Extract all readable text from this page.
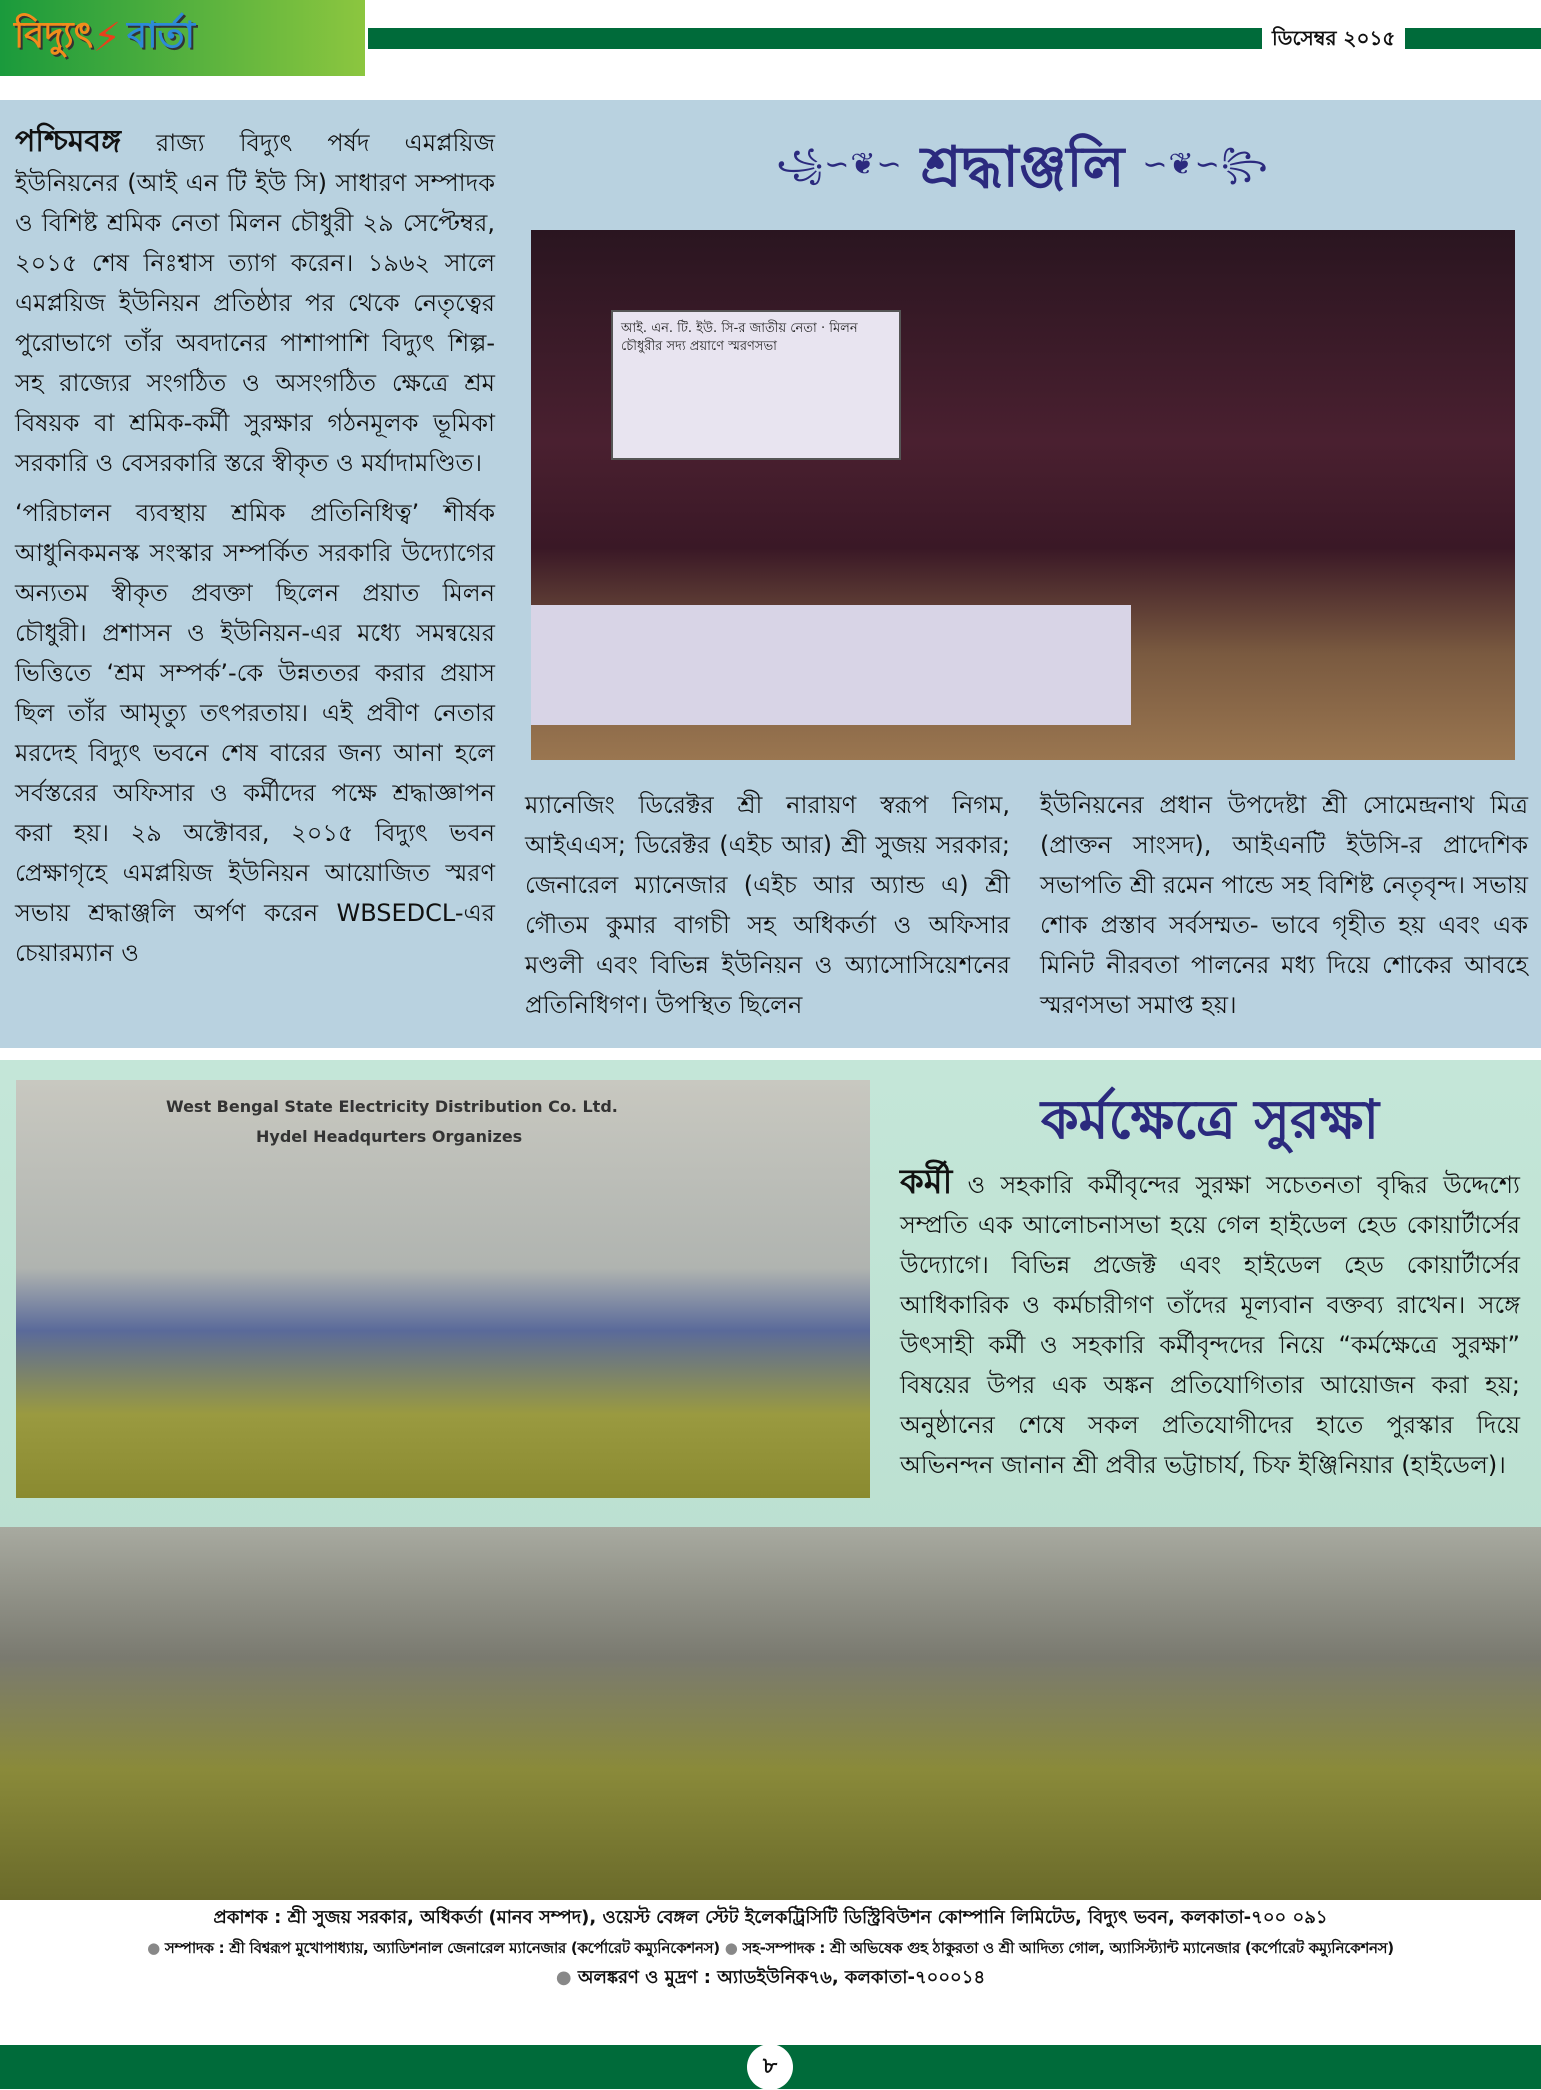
বিদ্যুৎ ⚡ বার্তা	ডিসেম্বর ২০১৫

পশ্চিমবঙ্গ রাজ্য বিদ্যুৎ পর্ষদ এমপ্লয়িজ ইউনিয়নের (আই এন টি ইউ সি) সাধারণ সম্পাদক ও বিশিষ্ট শ্রমিক নেতা মিলন চৌধুরী ২৯ সেপ্টেম্বর, ২০১৫ শেষ নিঃশ্বাস ত্যাগ করেন। ১৯৬২ সালে এমপ্লয়িজ ইউনিয়ন প্রতিষ্ঠার পর থেকে নেতৃত্বের পুরোভাগে তাঁর অবদানের পাশাপাশি বিদ্যুৎ শিল্প-সহ রাজ্যের সংগঠিত ও অসংগঠিত ক্ষেত্রে শ্রম বিষয়ক বা শ্রমিক-কর্মী সুরক্ষার গঠনমূলক ভূমিকা সরকারি ও বেসরকারি স্তরে স্বীকৃত ও মর্যাদামণ্ডিত।

‘পরিচালন ব্যবস্থায় শ্রমিক প্রতিনিধিত্ব’ শীর্ষক আধুনিকমনস্ক সংস্কার সম্পর্কিত সরকারি উদ্যোগের অন্যতম স্বীকৃত প্রবক্তা ছিলেন প্রয়াত মিলন চৌধুরী। প্রশাসন ও ইউনিয়ন-এর মধ্যে সমন্বয়ের ভিত্তিতে ‘শ্রম সম্পর্ক’-কে উন্নততর করার প্রয়াস ছিল তাঁর আমৃত্যু তৎপরতায়। এই প্রবীণ নেতার মরদেহ বিদ্যুৎ ভবনে শেষ বারের জন্য আনা হলে সর্বস্তরের অফিসার ও কর্মীদের পক্ষে শ্রদ্ধাজ্ঞাপন করা হয়। ২৯ অক্টোবর, ২০১৫ বিদ্যুৎ ভবন প্রেক্ষাগৃহে এমপ্লয়িজ ইউনিয়ন আয়োজিত স্মরণ সভায় শ্রদ্ধাঞ্জলি অর্পণ করেন WBSEDCL-এর চেয়ারম্যান ও

꧁∽❦∽ শ্রদ্ধাঞ্জলি ∽❦∽꧂
আই. এন. টি. ইউ. সি-র জাতীয় নেতা · মিলন চৌধুরীর সদ্য প্রয়াণে স্মরণসভা
ম্যানেজিং ডিরেক্টর শ্রী নারায়ণ স্বরূপ নিগম, আইএএস; ডিরেক্টর (এইচ আর) শ্রী সুজয় সরকার; জেনারেল ম্যানেজার (এইচ আর অ্যান্ড এ) শ্রী গৌতম কুমার বাগচী সহ অধিকর্তা ও অফিসার মণ্ডলী এবং বিভিন্ন ইউনিয়ন ও অ্যাসোসিয়েশনের প্রতিনিধিগণ। উপস্থিত ছিলেন
ইউনিয়নের প্রধান উপদেষ্টা শ্রী সোমেন্দ্রনাথ মিত্র (প্রাক্তন সাংসদ), আইএনটি ইউসি-র প্রাদেশিক সভাপতি শ্রী রমেন পান্ডে সহ বিশিষ্ট নেতৃবৃন্দ। সভায় শোক প্রস্তাব সর্বসম্মত- ভাবে গৃহীত হয় এবং এক মিনিট নীরবতা পালনের মধ্য দিয়ে শোকের আবহে স্মরণসভা সমাপ্ত হয়।
West Bengal State Electricity Distribution Co. Ltd.
Hydel Headqurters Organizes	কর্মক্ষেত্রে সুরক্ষা
কর্মী ও সহকারি কর্মীবৃন্দের সুরক্ষা সচেতনতা বৃদ্ধির উদ্দেশ্যে সম্প্রতি এক আলোচনাসভা হয়ে গেল হাইডেল হেড কোয়ার্টার্সের উদ্যোগে। বিভিন্ন প্রজেক্ট এবং হাইডেল হেড কোয়ার্টার্সের আধিকারিক ও কর্মচারীগণ তাঁদের মূল্যবান বক্তব্য রাখেন। সঙ্গে উৎসাহী কর্মী ও সহকারি কর্মীবৃন্দদের নিয়ে “কর্মক্ষেত্রে সুরক্ষা” বিষয়ের উপর এক অঙ্কন প্রতিযোগিতার আয়োজন করা হয়; অনুষ্ঠানের শেষে সকল প্রতিযোগীদের হাতে পুরস্কার দিয়ে অভিনন্দন জানান শ্রী প্রবীর ভট্টাচার্য, চিফ ইঞ্জিনিয়ার (হাইডেল)।
প্রকাশক : শ্রী সুজয় সরকার, অধিকর্তা (মানব সম্পদ), ওয়েস্ট বেঙ্গল স্টেট ইলেকট্রিসিটি ডিস্ট্রিবিউশন কোম্পানি লিমিটেড, বিদ্যুৎ ভবন, কলকাতা-৭০০ ০৯১
● সম্পাদক : শ্রী বিশ্বরূপ মুখোপাধ্যায়, অ্যাডিশনাল জেনারেল ম্যানেজার (কর্পোরেট কম্যুনিকেশনস) ● সহ-সম্পাদক : শ্রী অভিষেক গুহ ঠাকুরতা ও শ্রী আদিত্য গোল, অ্যাসিস্ট্যান্ট ম্যানেজার (কর্পোরেট কম্যুনিকেশনস)
● অলঙ্করণ ও মুদ্রণ : অ্যাডইউনিক৭৬, কলকাতা-৭০০০১৪
৮
